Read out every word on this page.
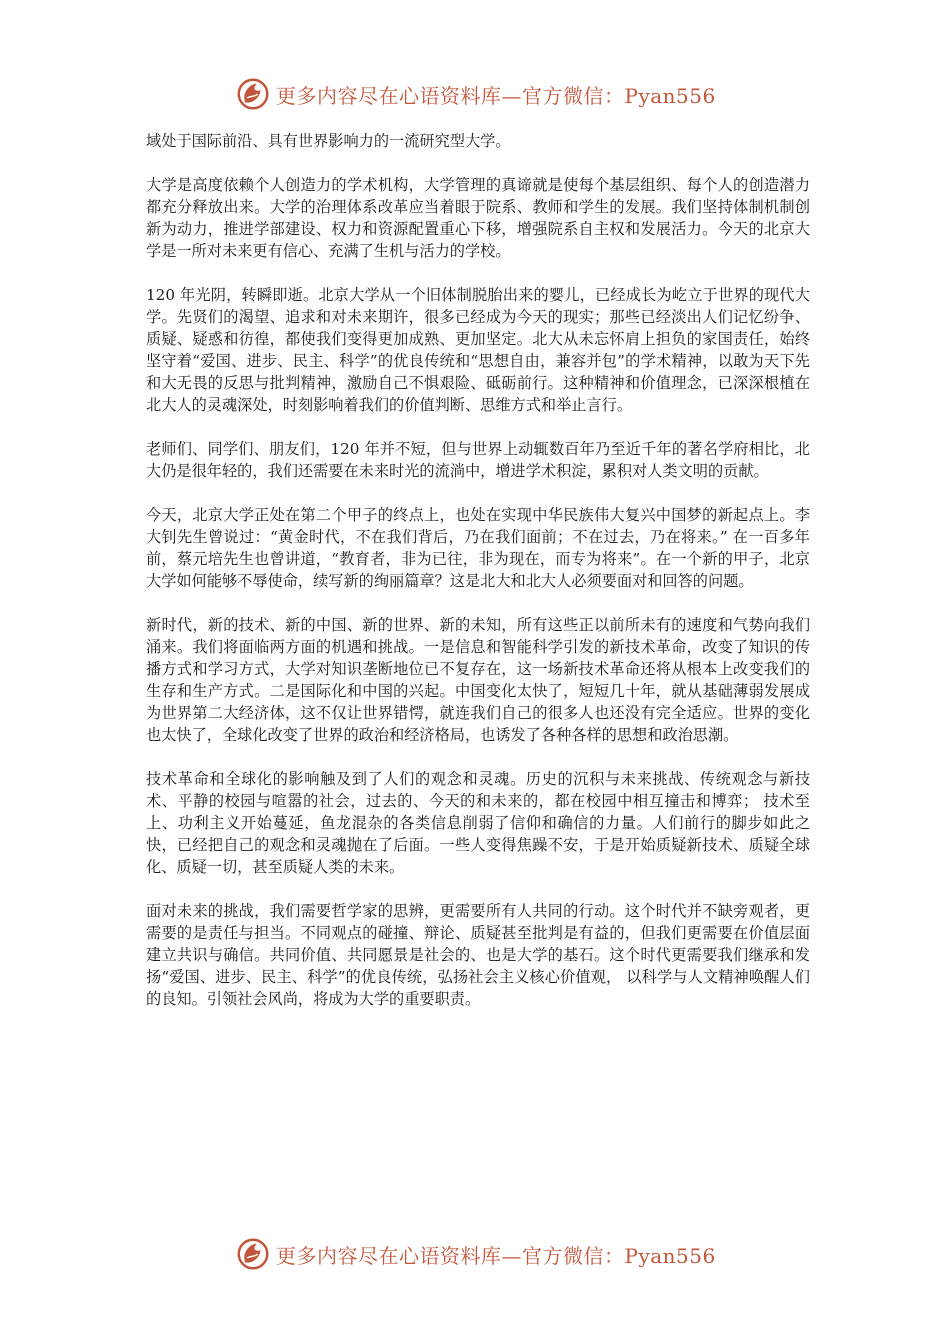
更多内容尽在心语资料库—官方微信：Pyan556

域处于国际前沿、具有世界影响力的一流研究型大学。

大学是高度依赖个人创造力的学术机构，大学管理的真谛就是使每个基层组织、每个人的创造潜力都充分释放出来。大学的治理体系改革应当着眼于院系、教师和学生的发展。我们坚持体制机制创新为动力，推进学部建设、权力和资源配置重心下移，增强院系自主权和发展活力。今天的北京大学是一所对未来更有信心、充满了生机与活力的学校。

120 年光阴，转瞬即逝。北京大学从一个旧体制脱胎出来的婴儿，已经成长为屹立于世界的现代大学。先贤们的渴望、追求和对未来期许，很多已经成为今天的现实；那些已经淡出人们记忆纷争、质疑、疑惑和彷徨，都使我们变得更加成熟、更加坚定。北大从未忘怀肩上担负的家国责任，始终坚守着“爱国、进步、民主、科学”的优良传统和“思想自由，兼容并包”的学术精神，以敢为天下先和大无畏的反思与批判精神，激励自己不惧艰险、砥砺前行。这种精神和价值理念，已深深根植在北大人的灵魂深处，时刻影响着我们的价值判断、思维方式和举止言行。

老师们、同学们、朋友们，120 年并不短，但与世界上动辄数百年乃至近千年的著名学府相比，北大仍是很年轻的，我们还需要在未来时光的流淌中，增进学术积淀，累积对人类文明的贡献。

今天，北京大学正处在第二个甲子的终点上，也处在实现中华民族伟大复兴中国梦的新起点上。李大钊先生曾说过：“黄金时代，不在我们背后，乃在我们面前；不在过去，乃在将来。” 在一百多年前，蔡元培先生也曾讲道，“教育者，非为已往，非为现在，而专为将来”。在一个新的甲子，北京大学如何能够不辱使命，续写新的绚丽篇章？这是北大和北大人必须要面对和回答的问题。

新时代，新的技术、新的中国、新的世界、新的未知，所有这些正以前所未有的速度和气势向我们涌来。我们将面临两方面的机遇和挑战。一是信息和智能科学引发的新技术革命，改变了知识的传播方式和学习方式，大学对知识垄断地位已不复存在，这一场新技术革命还将从根本上改变我们的生存和生产方式。二是国际化和中国的兴起。中国变化太快了，短短几十年，就从基础薄弱发展成为世界第二大经济体，这不仅让世界错愕，就连我们自己的很多人也还没有完全适应。世界的变化也太快了，全球化改变了世界的政治和经济格局，也诱发了各种各样的思想和政治思潮。

技术革命和全球化的影响触及到了人们的观念和灵魂。历史的沉积与未来挑战、传统观念与新技术、平静的校园与喧嚣的社会，过去的、今天的和未来的，都在校园中相互撞击和博弈； 技术至上、功利主义开始蔓延，鱼龙混杂的各类信息削弱了信仰和确信的力量。人们前行的脚步如此之快，已经把自己的观念和灵魂抛在了后面。一些人变得焦躁不安，于是开始质疑新技术、质疑全球化、质疑一切，甚至质疑人类的未来。

面对未来的挑战，我们需要哲学家的思辨，更需要所有人共同的行动。这个时代并不缺旁观者，更需要的是责任与担当。不同观点的碰撞、辩论、质疑甚至批判是有益的，但我们更需要在价值层面建立共识与确信。共同价值、共同愿景是社会的、也是大学的基石。这个时代更需要我们继承和发扬“爱国、进步、民主、科学”的优良传统，弘扬社会主义核心价值观， 以科学与人文精神唤醒人们的良知。引领社会风尚，将成为大学的重要职责。

更多内容尽在心语资料库—官方微信：Pyan556
